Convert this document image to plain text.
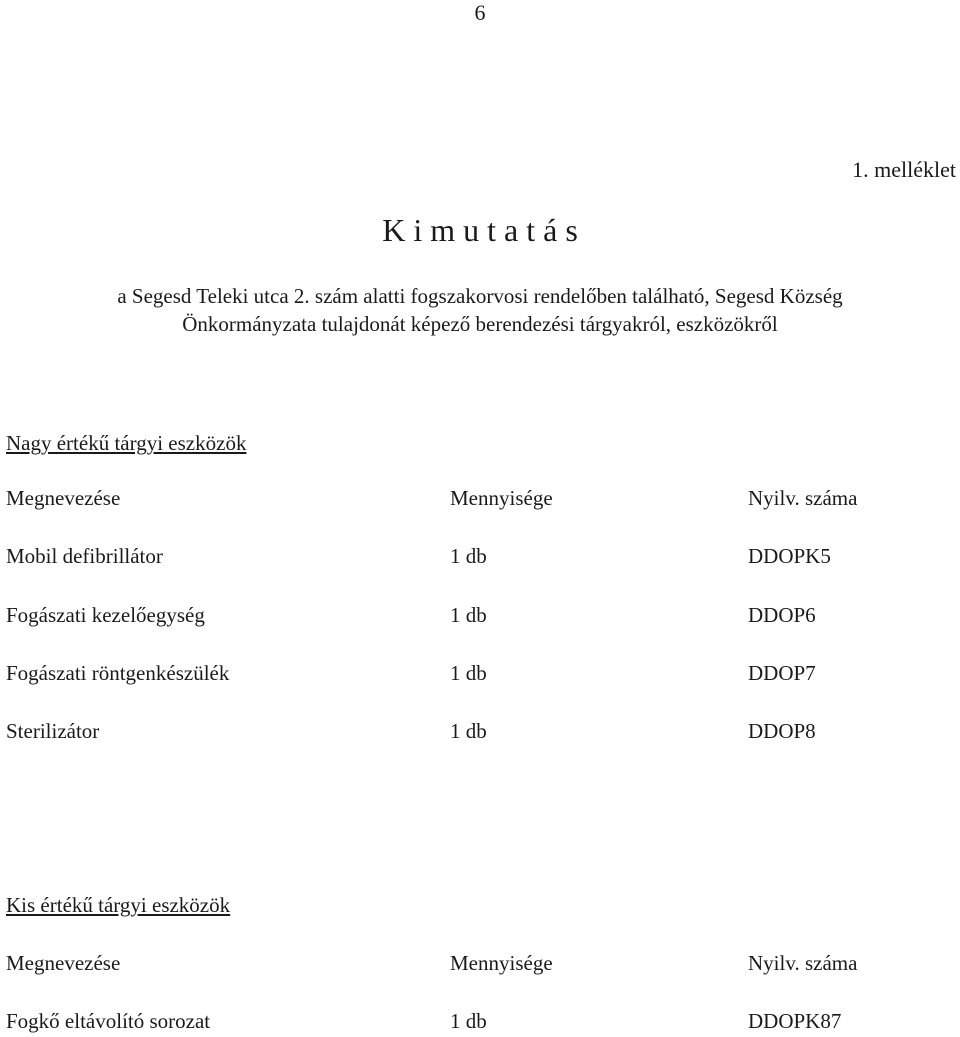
6
1. melléklet
K i m u t a t á s
a Segesd Teleki utca 2. szám alatti fogszakorvosi rendelőben található, Segesd Község
Önkormányzata tulajdonát képező berendezési tárgyakról, eszközökről
Nagy értékű tárgyi eszközök
Megnevezése	Mennyisége	Nyilv. száma
Mobil defibrillátor	1 db	DDOPK5
Fogászati kezelőegység	1 db	DDOP6
Fogászati röntgenkészülék	1 db	DDOP7
Sterilizátor	1 db	DDOP8
Kis értékű tárgyi eszközök
Megnevezése	Mennyisége	Nyilv. száma
Fogkő eltávolító sorozat	1 db	DDOPK87
